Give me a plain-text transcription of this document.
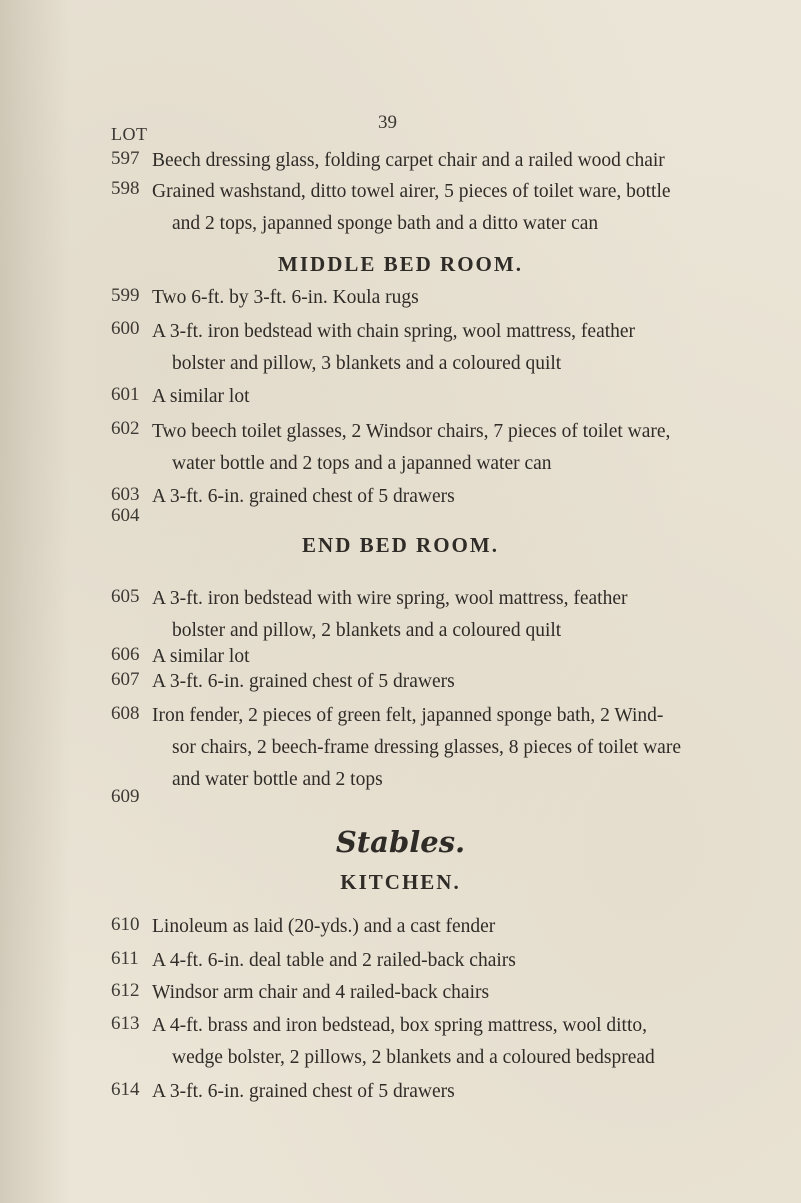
39
LOT
597
598
599
600
601
602
603
604
605
606
607
608
609
610
611
612
613
614
Beech dressing glass, folding carpet chair and a railed wood chair
Grained washstand, ditto towel airer, 5 pieces of toilet ware, bottle
and 2 tops, japanned sponge bath and a ditto water can
MIDDLE BED ROOM.
Two 6-ft. by 3-ft. 6-in. Koula rugs
A 3-ft. iron bedstead with chain spring, wool mattress, feather
bolster and pillow, 3 blankets and a coloured quilt
A similar lot
Two beech toilet glasses, 2 Windsor chairs, 7 pieces of toilet ware,
water bottle and 2 tops and a japanned water can
A 3-ft. 6-in. grained chest of 5 drawers
END BED ROOM.
A 3-ft. iron bedstead with wire spring, wool mattress, feather
bolster and pillow, 2 blankets and a coloured quilt
A similar lot
A 3-ft. 6-in. grained chest of 5 drawers
Iron fender, 2 pieces of green felt, japanned sponge bath, 2 Wind-
sor chairs, 2 beech-frame dressing glasses, 8 pieces of toilet ware
and water bottle and 2 tops
Stables.
KITCHEN.
Linoleum as laid (20-yds.) and a cast fender
A 4-ft. 6-in. deal table and 2 railed-back chairs
Windsor arm chair and 4 railed-back chairs
A 4-ft. brass and iron bedstead, box spring mattress, wool ditto,
wedge bolster, 2 pillows, 2 blankets and a coloured bedspread
A 3-ft. 6-in. grained chest of 5 drawers
